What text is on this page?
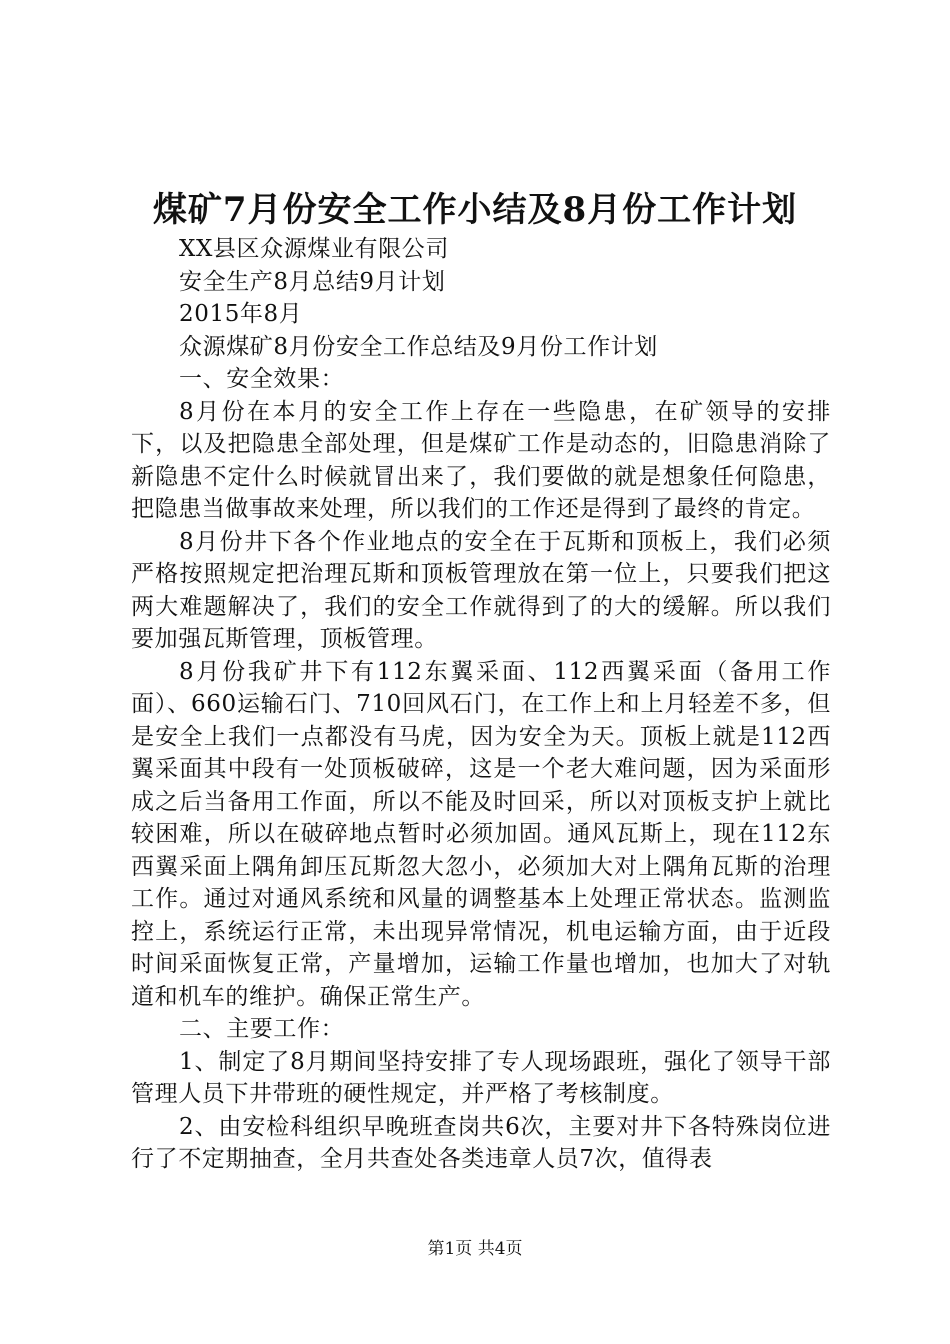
煤矿7月份安全工作小结及8月份工作计划
XX县区众源煤业有限公司
安全生产8月总结9月计划
2015年8月
众源煤矿8月份安全工作总结及9月份工作计划
一、安全效果：

8月份在本月的安全工作上存在一些隐患，在矿领导的安排下，以及把隐患全部处理，但是煤矿工作是动态的，旧隐患消除了新隐患不定什么时候就冒出来了，我们要做的就是想象任何隐患，把隐患当做事故来处理，所以我们的工作还是得到了最终的肯定。

8月份井下各个作业地点的安全在于瓦斯和顶板上，我们必须严格按照规定把治理瓦斯和顶板管理放在第一位上，只要我们把这两大难题解决了，我们的安全工作就得到了的大的缓解。所以我们要加强瓦斯管理，顶板管理。

8月份我矿井下有112东翼采面、112西翼采面（备用工作面）、660运输石门、710回风石门，在工作上和上月轻差不多，但是安全上我们一点都没有马虎，因为安全为天。顶板上就是112西翼采面其中段有一处顶板破碎，这是一个老大难问题，因为采面形成之后当备用工作面，所以不能及时回采，所以对顶板支护上就比较困难，所以在破碎地点暂时必须加固。通风瓦斯上，现在112东西翼采面上隅角卸压瓦斯忽大忽小，必须加大对上隅角瓦斯的治理工作。通过对通风系统和风量的调整基本上处理正常状态。监测监控上，系统运行正常，未出现异常情况，机电运输方面，由于近段时间采面恢复正常，产量增加，运输工作量也增加，也加大了对轨道和机车的维护。确保正常生产。

二、主要工作：

1、制定了8月期间坚持安排了专人现场跟班，强化了领导干部管理人员下井带班的硬性规定，并严格了考核制度。

2、由安检科组织早晚班查岗共6次，主要对井下各特殊岗位进行了不定期抽查，全月共查处各类违章人员7次，值得表

第1页 共4页
